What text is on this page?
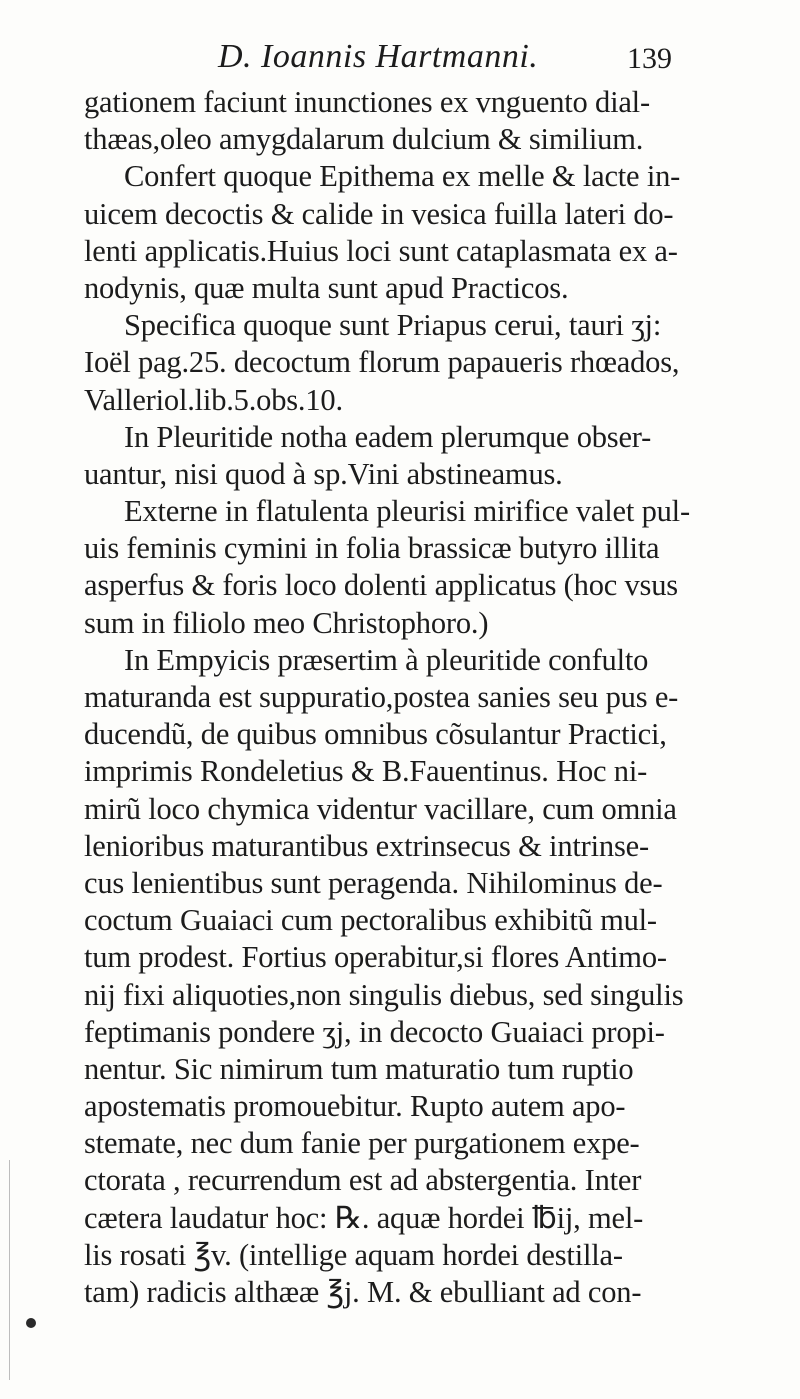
D. Ioannis Hartmanni.	139
gationem faciunt inunctiones ex vnguento dial-
thæas,oleo amygdalarum dulcium & similium.
Confert quoque Epithema ex melle & lacte in-
uicem decoctis & calide in vesica fuilla lateri do-
lenti applicatis.Huius loci sunt cataplasmata ex a-
nodynis, quæ multa sunt apud Practicos.
Specifica quoque sunt Priapus cerui, tauri ʒj:
Ioël pag.25. decoctum florum papaueris rhœados,
Valleriol.lib.5.obs.10.
In Pleuritide notha eadem plerumque obser-
uantur, nisi quod à sp.Vini abstineamus.
Externe in flatulenta pleurisi mirifice valet pul-
uis feminis cymini in folia brassicæ butyro illita
asperfus & foris loco dolenti applicatus (hoc vsus
sum in filiolo meo Christophoro.)
In Empyicis præsertim à pleuritide confulto
maturanda est suppuratio,postea sanies seu pus e-
ducendũ, de quibus omnibus cõsulantur Practici,
imprimis Rondeletius & B.Fauentinus. Hoc ni-
mirũ loco chymica videntur vacillare, cum omnia
lenioribus maturantibus extrinsecus & intrinse-
cus lenientibus sunt peragenda. Nihilominus de-
coctum Guaiaci cum pectoralibus exhibitũ mul-
tum prodest. Fortius operabitur,si flores Antimo-
nij fixi aliquoties,non singulis diebus, sed singulis
feptimanis pondere ʒj, in decocto Guaiaci propi-
nentur. Sic nimirum tum maturatio tum ruptio
apostematis promouebitur. Rupto autem apo-
stemate, nec dum fanie per purgationem expe-
ctorata , recurrendum est ad abstergentia. Inter
cætera laudatur hoc: ℞. aquæ hordei ℔ij, mel-
lis rosati ℥v. (intellige aquam hordei destilla-
tam) radicis althææ ℥j. M. & ebulliant ad con-
